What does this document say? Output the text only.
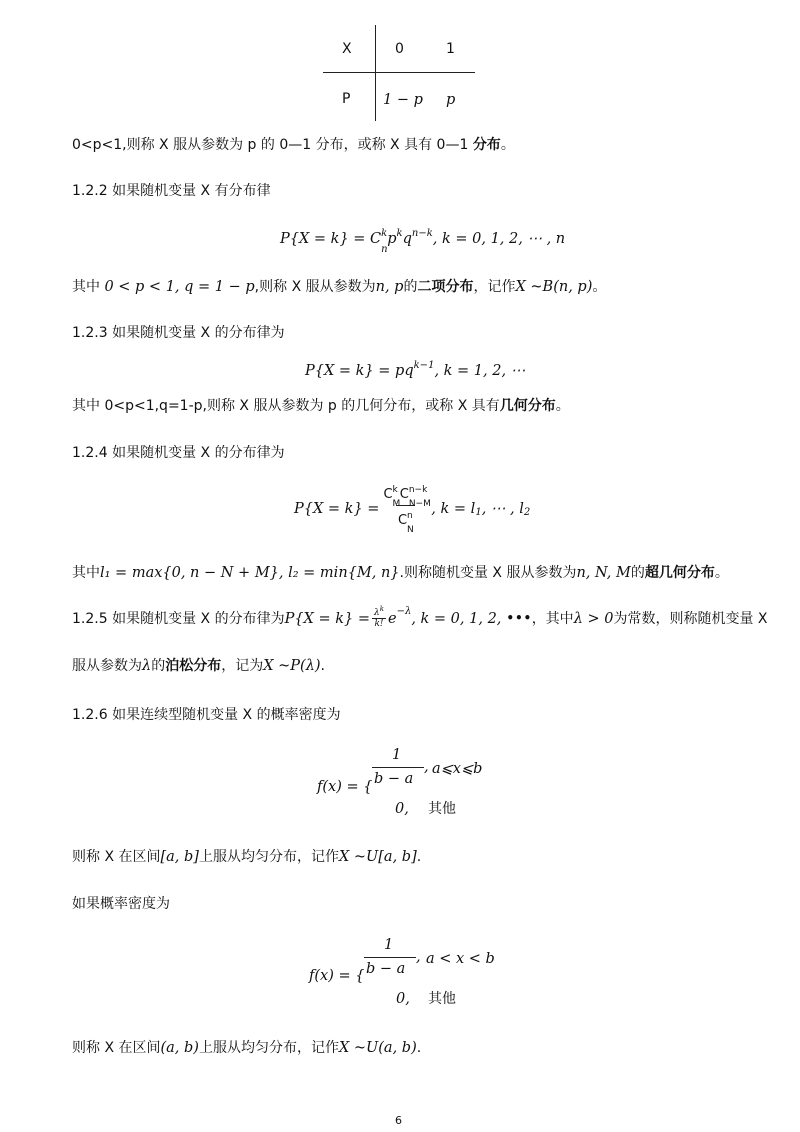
X	0	1
P 1 − p p
0<p<1,则称 X 服从参数为 p 的 0—1 分布，或称 X 具有 0—1 分布。
1.2.2 如果随机变量 X 有分布律
$P\{X = k\} = C^k$
n
$p^kq^{n-k}$, k = 0, 1, 2, ⋯ , n
其中 0 < p < 1, q = 1 − p,则称 X 服从参数为n, p的二项分布，记作X ~B(n, p)。
1.2.3 如果随机变量 X 的分布律为
$P\{X = k\} = pq^{k-1}$, k = 1, 2, ⋯
其中 0<p<1,q=1-p,则称 X 服从参数为 p 的几何分布，或称 X 具有几何分布。
1.2.4 如果随机变量 X 的分布律为
P{X = k} = Ck
M
Cn−k
N−M
Cn
N , k = l 1 , ⋯ , l 2
其中l₁ = max{0, n − N + M}, l₂ = min{M, n}.则称随机变量 X 服从参数为n, N, M的超几何分布。
1.2.5 如果随机变量 X 的分布律为 $P\{X = k\} = \frac{\lambda^k}{k!}$ e −λ , k = 0, 1, 2, ••• ，其中 λ > 0 为常数，则称随机变量 X
服从参数为λ的泊松分布，记为X ~P(λ).
1.2.6 如果连续型随机变量 X 的概率密度为
f(x) = {
1
b − a
, a⩽x⩽b
0, 其他
则称 X 在区间[a, b]上服从均匀分布，记作X ~U[a, b].
如果概率密度为
f(x) = {
1
b − a
, a < x < b
0, 其他
则称 X 在区间(a, b)上服从均匀分布，记作X ~U(a, b).
6
